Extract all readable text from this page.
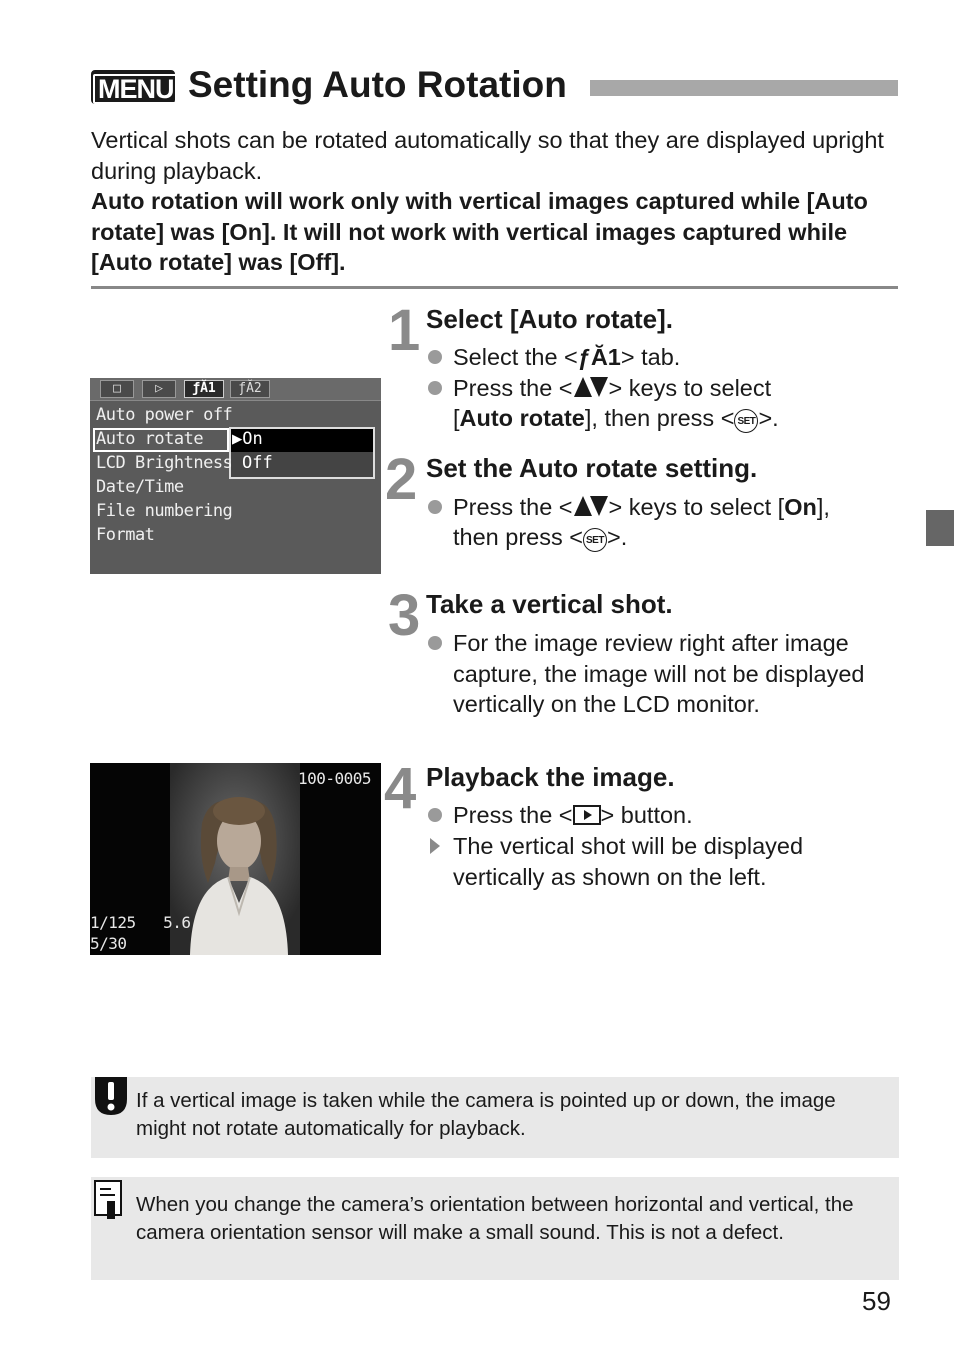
MENU Setting Auto Rotation
Vertical shots can be rotated automatically so that they are displayed upright during playback.
Auto rotation will work only with vertical images captured while [Auto rotate] was [On]. It will not work with vertical images captured while [Auto rotate] was [Off].
□	▷	ƒĂ1	ƒĂ2
Auto power off
Auto rotate ▶On
Off
LCD Brightness
Date/Time
File numbering
Format
100-0005
1/125   5.6
5/30
1 Select [Auto rotate].
Select the <ƒĂ1> tab.
Press the < > keys to select
[Auto rotate], then press < SET >.
2 Set the Auto rotate setting.
Press the < > keys to select [On],
then press < SET >.
3 Take a vertical shot.
For the image review right after image capture, the image will not be displayed vertically on the LCD monitor.
4 Playback the image.
Press the < > button.
The vertical shot will be displayed vertically as shown on the left.
If a vertical image is taken while the camera is pointed up or down, the image might not rotate automatically for playback.
When you change the camera’s orientation between horizontal and vertical, the camera orientation sensor will make a small sound. This is not a defect.
59
